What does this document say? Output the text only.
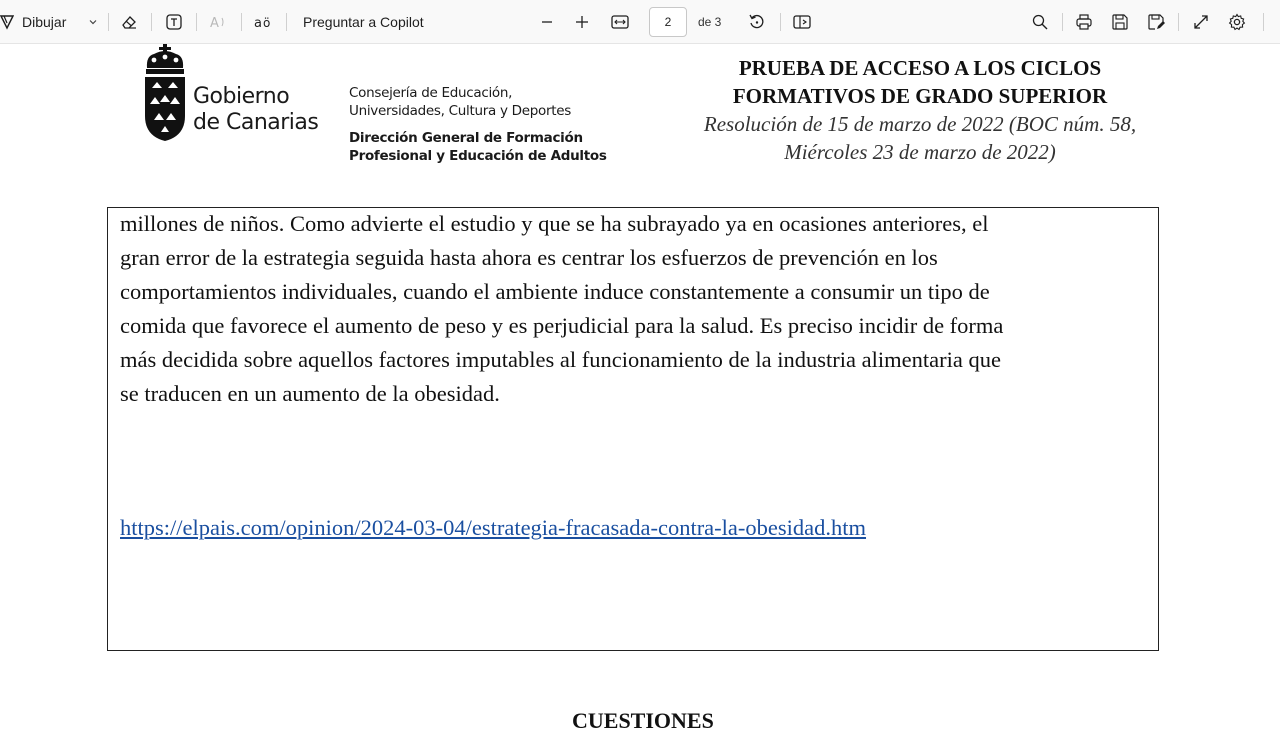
Dibujar	A	a ö Preguntar a Copilot	2	de 3
Gobierno
de Canarias
Consejería de Educación,
Universidades, Cultura y Deportes
Dirección General de Formación
Profesional y Educación de Adultos
PRUEBA DE ACCESO A LOS CICLOS
FORMATIVOS DE GRADO SUPERIOR
Resolución de 15 de marzo de 2022 (BOC núm. 58,
Miércoles 23 de marzo de 2022)
millones de niños. Como advierte el estudio y que se ha subrayado ya en ocasiones anteriores, el
gran error de la estrategia seguida hasta ahora es centrar los esfuerzos de prevención en los
comportamientos individuales, cuando el ambiente induce constantemente a consumir un tipo de
comida que favorece el aumento de peso y es perjudicial para la salud. Es preciso incidir de forma
más decidida sobre aquellos factores imputables al funcionamiento de la industria alimentaria que
se traducen en un aumento de la obesidad.
https://elpais.com/opinion/2024-03-04/estrategia-fracasada-contra-la-obesidad.htm
CUESTIONES
